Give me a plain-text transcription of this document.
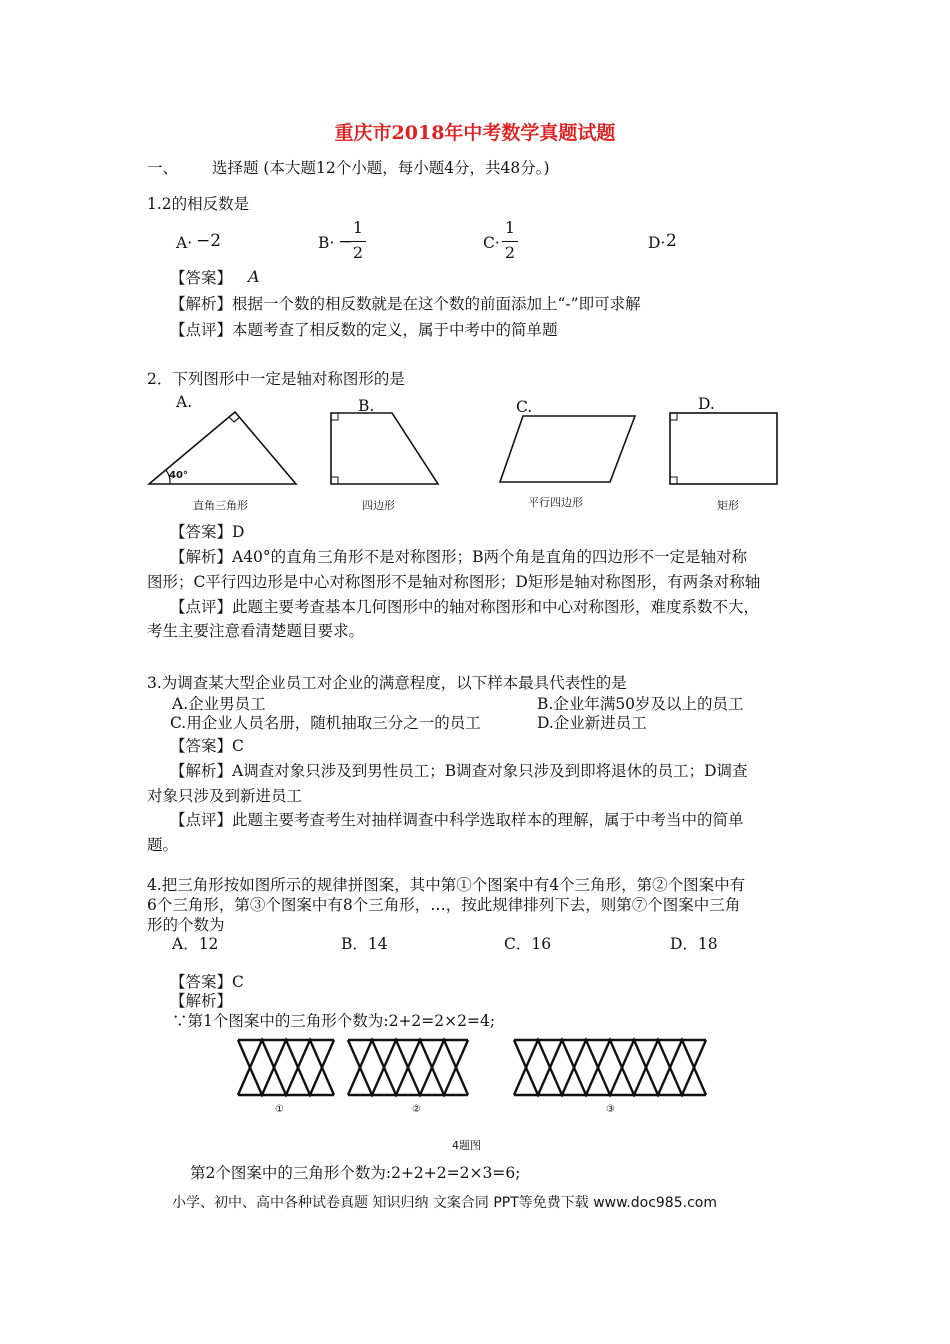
重庆市2018年中考数学真题试题
一、 选择题 (本大题12个小题，每小题4分，共48分。)
1.2的相反数是
A· −2	B· −
1
2	C·
1
2	D· 2
【答案】 A
【解析】根据一个数的相反数就是在这个数的前面添加上“-”即可求解
【点评】本题考查了相反数的定义，属于中考中的简单题
2．下列图形中一定是轴对称图形的是
A.	B.	C.	D.
40°
直角三角形	四边形	平行四边形	矩形
【答案】D
【解析】A40°的直角三角形不是对称图形；B两个角是直角的四边形不一定是轴对称
图形；C平行四边形是中心对称图形不是轴对称图形；D矩形是轴对称图形，有两条对称轴
【点评】此题主要考查基本几何图形中的轴对称图形和中心对称图形，难度系数不大，
考生主要注意看清楚题目要求。
3.为调查某大型企业员工对企业的满意程度，以下样本最具代表性的是
A.企业男员工	B.企业年满50岁及以上的员工
C.用企业人员名册，随机抽取三分之一的员工	D.企业新进员工
【答案】C
【解析】A调查对象只涉及到男性员工；B调查对象只涉及到即将退休的员工；D调查
对象只涉及到新进员工
【点评】此题主要考查考生对抽样调查中科学选取样本的理解，属于中考当中的简单
题。
4.把三角形按如图所示的规律拼图案，其中第①个图案中有4个三角形，第②个图案中有
6个三角形，第③个图案中有8个三角形，…，按此规律排列下去，则第⑦个图案中三角
形的个数为
A．12	B．14	C．16	D．18
【答案】C
【解析】
∵第1个图案中的三角形个数为:2+2=2×2=4;
①	②	③
4题图
第2个图案中的三角形个数为:2+2+2=2×3=6;
小学、初中、高中各种试卷真题 知识归纳 文案合同 PPT等免费下载 www.doc985.com
